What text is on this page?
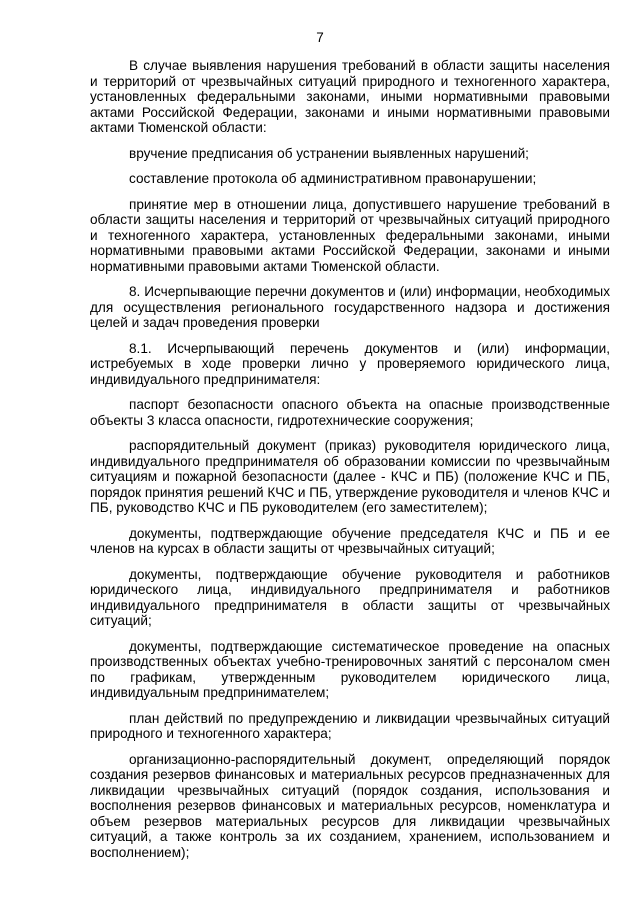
7

В случае выявления нарушения требований в области защиты населения и территорий от чрезвычайных ситуаций природного и техногенного характера, установленных федеральными законами, иными нормативными правовыми актами Российской Федерации, законами и иными нормативными правовыми актами Тюменской области:

вручение предписания об устранении выявленных нарушений;

составление протокола об административном правонарушении;

принятие мер в отношении лица, допустившего нарушение требований в области защиты населения и территорий от чрезвычайных ситуаций природного и техногенного характера, установленных федеральными законами, иными нормативными правовыми актами Российской Федерации, законами и иными нормативными правовыми актами Тюменской области.

8. Исчерпывающие перечни документов и (или) информации, необходимых для осуществления регионального государственного надзора и достижения целей и задач проведения проверки

8.1. Исчерпывающий перечень документов и (или) информации, истребуемых в ходе проверки лично у проверяемого юридического лица, индивидуального предпринимателя:

паспорт безопасности опасного объекта на опасные производственные объекты 3 класса опасности, гидротехнические сооружения;

распорядительный документ (приказ) руководителя юридического лица, индивидуального предпринимателя об образовании комиссии по чрезвычайным ситуациям и пожарной безопасности (далее - КЧС и ПБ) (положение КЧС и ПБ, порядок принятия решений КЧС и ПБ, утверждение руководителя и членов КЧС и ПБ, руководство КЧС и ПБ руководителем (его заместителем);

документы, подтверждающие обучение председателя КЧС и ПБ и ее членов на курсах в области защиты от чрезвычайных ситуаций;

документы, подтверждающие обучение руководителя и работников юридического лица, индивидуального предпринимателя и работников индивидуального предпринимателя в области защиты от чрезвычайных ситуаций;

документы, подтверждающие систематическое проведение на опасных производственных объектах учебно-тренировочных занятий с персоналом смен по графикам, утвержденным руководителем юридического лица, индивидуальным предпринимателем;

план действий по предупреждению и ликвидации чрезвычайных ситуаций природного и техногенного характера;

организационно-распорядительный документ, определяющий порядок создания резервов финансовых и материальных ресурсов предназначенных для ликвидации чрезвычайных ситуаций (порядок создания, использования и восполнения резервов финансовых и материальных ресурсов, номенклатура и объем резервов материальных ресурсов для ликвидации чрезвычайных ситуаций, а также контроль за их созданием, хранением, использованием и восполнением);
